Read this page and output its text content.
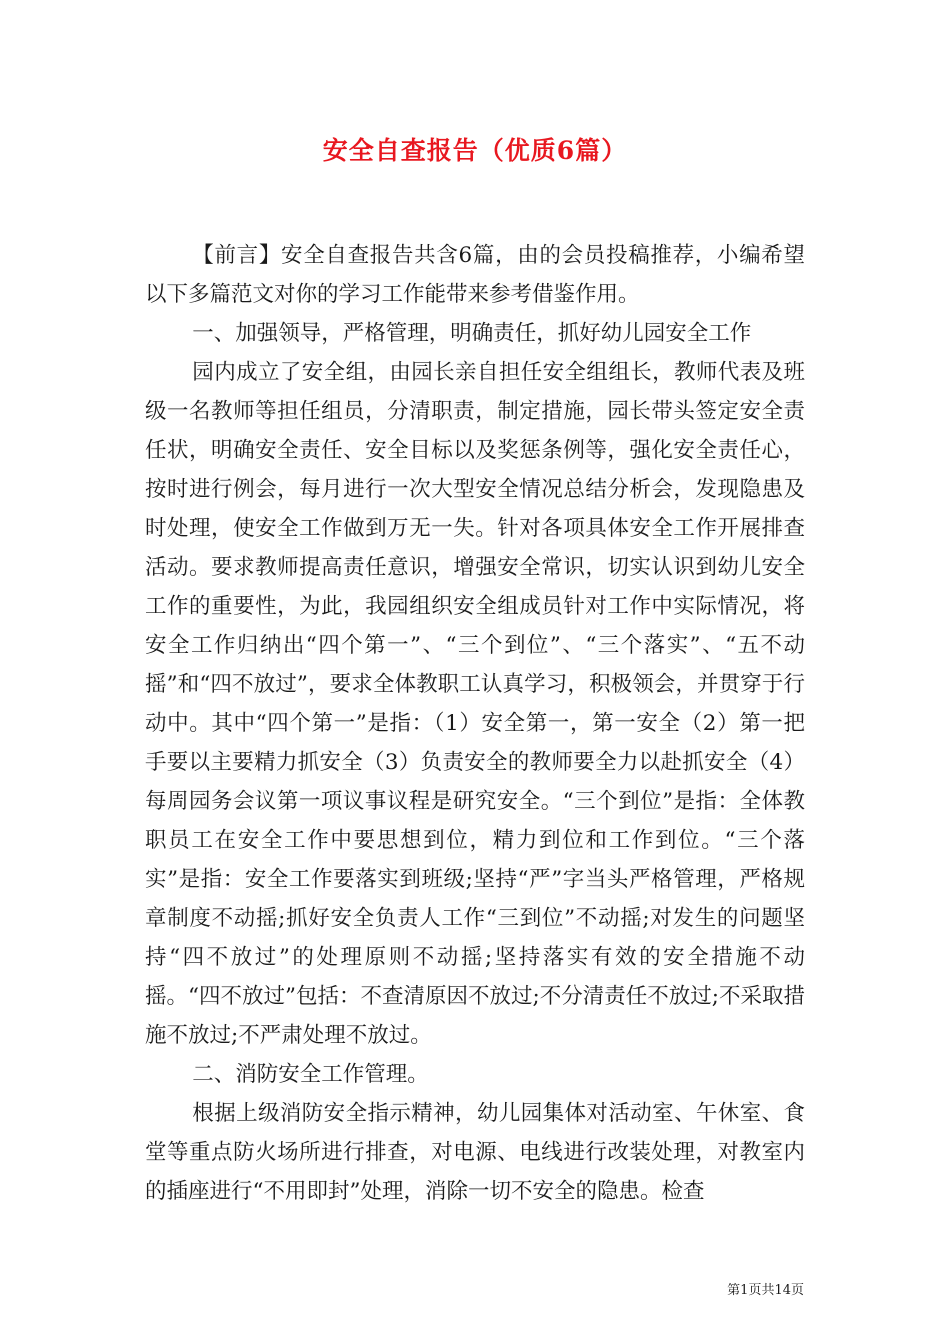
安全自查报告（优质6篇）

【前言】安全自查报告共含6篇，由的会员投稿推荐，小编希望以下多篇范文对你的学习工作能带来参考借鉴作用。

一、加强领导，严格管理，明确责任，抓好幼儿园安全工作

园内成立了安全组，由园长亲自担任安全组组长，教师代表及班级一名教师等担任组员，分清职责，制定措施，园长带头签定安全责任状，明确安全责任、安全目标以及奖惩条例等，强化安全责任心，按时进行例会，每月进行一次大型安全情况总结分析会，发现隐患及时处理，使安全工作做到万无一失。针对各项具体安全工作开展排查活动。要求教师提高责任意识，增强安全常识，切实认识到幼儿安全工作的重要性，为此，我园组织安全组成员针对工作中实际情况，将安全工作归纳出“四个第一”、“三个到位”、“三个落实”、“五不动摇”和“四不放过”，要求全体教职工认真学习，积极领会，并贯穿于行动中。其中“四个第一”是指：（1）安全第一，第一安全（2）第一把手要以主要精力抓安全（3）负责安全的教师要全力以赴抓安全（4）每周园务会议第一项议事议程是研究安全。“三个到位”是指：全体教职员工在安全工作中要思想到位，精力到位和工作到位。“三个落实”是指：安全工作要落实到班级;坚持“严”字当头严格管理，严格规章制度不动摇;抓好安全负责人工作“三到位”不动摇;对发生的问题坚持“四不放过”的处理原则不动摇;坚持落实有效的安全措施不动摇。“四不放过”包括：不查清原因不放过;不分清责任不放过;不采取措施不放过;不严肃处理不放过。

二、消防安全工作管理。

根据上级消防安全指示精神，幼儿园集体对活动室、午休室、食堂等重点防火场所进行排查，对电源、电线进行改装处理，对教室内的插座进行“不用即封”处理，消除一切不安全的隐患。检查

第1页共14页
